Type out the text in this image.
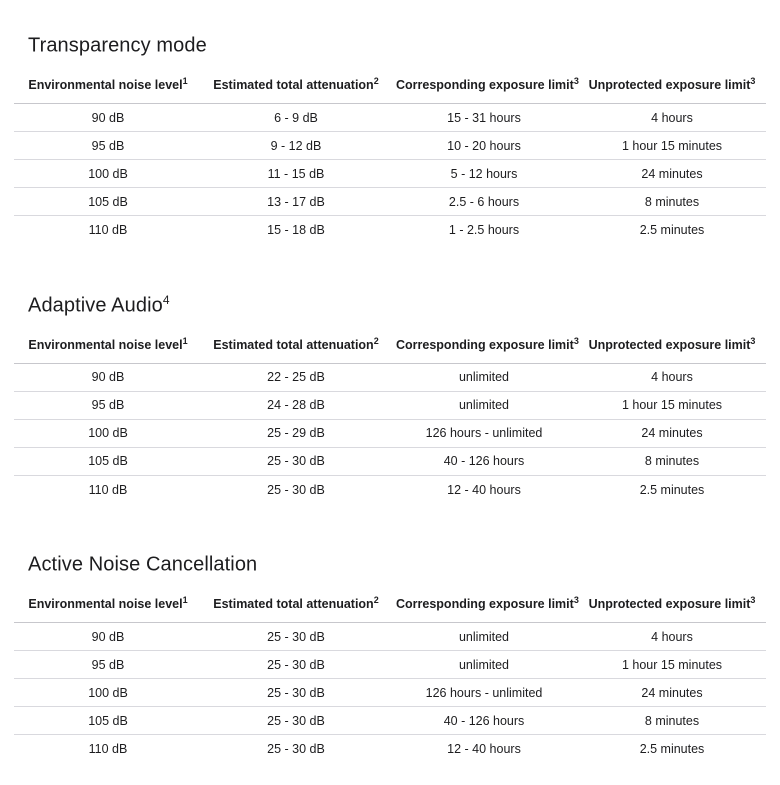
Transparency mode
Environmental noise level$^1$	Estimated total attenuation$^2$	Corresponding exposure limit$^3$	Unprotected exposure limit$^3$
90 dB	6 - 9 dB	15 - 31 hours	4 hours
95 dB	9 - 12 dB	10 - 20 hours	1 hour 15 minutes
100 dB	11 - 15 dB	5 - 12 hours	24 minutes
105 dB	13 - 17 dB	2.5 - 6 hours	8 minutes
110 dB	15 - 18 dB	1 - 2.5 hours	2.5 minutes
Adaptive Audio$^4$
Environmental noise level$^1$	Estimated total attenuation$^2$	Corresponding exposure limit$^3$	Unprotected exposure limit$^3$
90 dB	22 - 25 dB	unlimited	4 hours
95 dB	24 - 28 dB	unlimited	1 hour 15 minutes
100 dB	25 - 29 dB	126 hours - unlimited	24 minutes
105 dB	25 - 30 dB	40 - 126 hours	8 minutes
110 dB	25 - 30 dB	12 - 40 hours	2.5 minutes
Active Noise Cancellation
Environmental noise level$^1$	Estimated total attenuation$^2$	Corresponding exposure limit$^3$	Unprotected exposure limit$^3$
90 dB	25 - 30 dB	unlimited	4 hours
95 dB	25 - 30 dB	unlimited	1 hour 15 minutes
100 dB	25 - 30 dB	126 hours - unlimited	24 minutes
105 dB	25 - 30 dB	40 - 126 hours	8 minutes
110 dB	25 - 30 dB	12 - 40 hours	2.5 minutes
